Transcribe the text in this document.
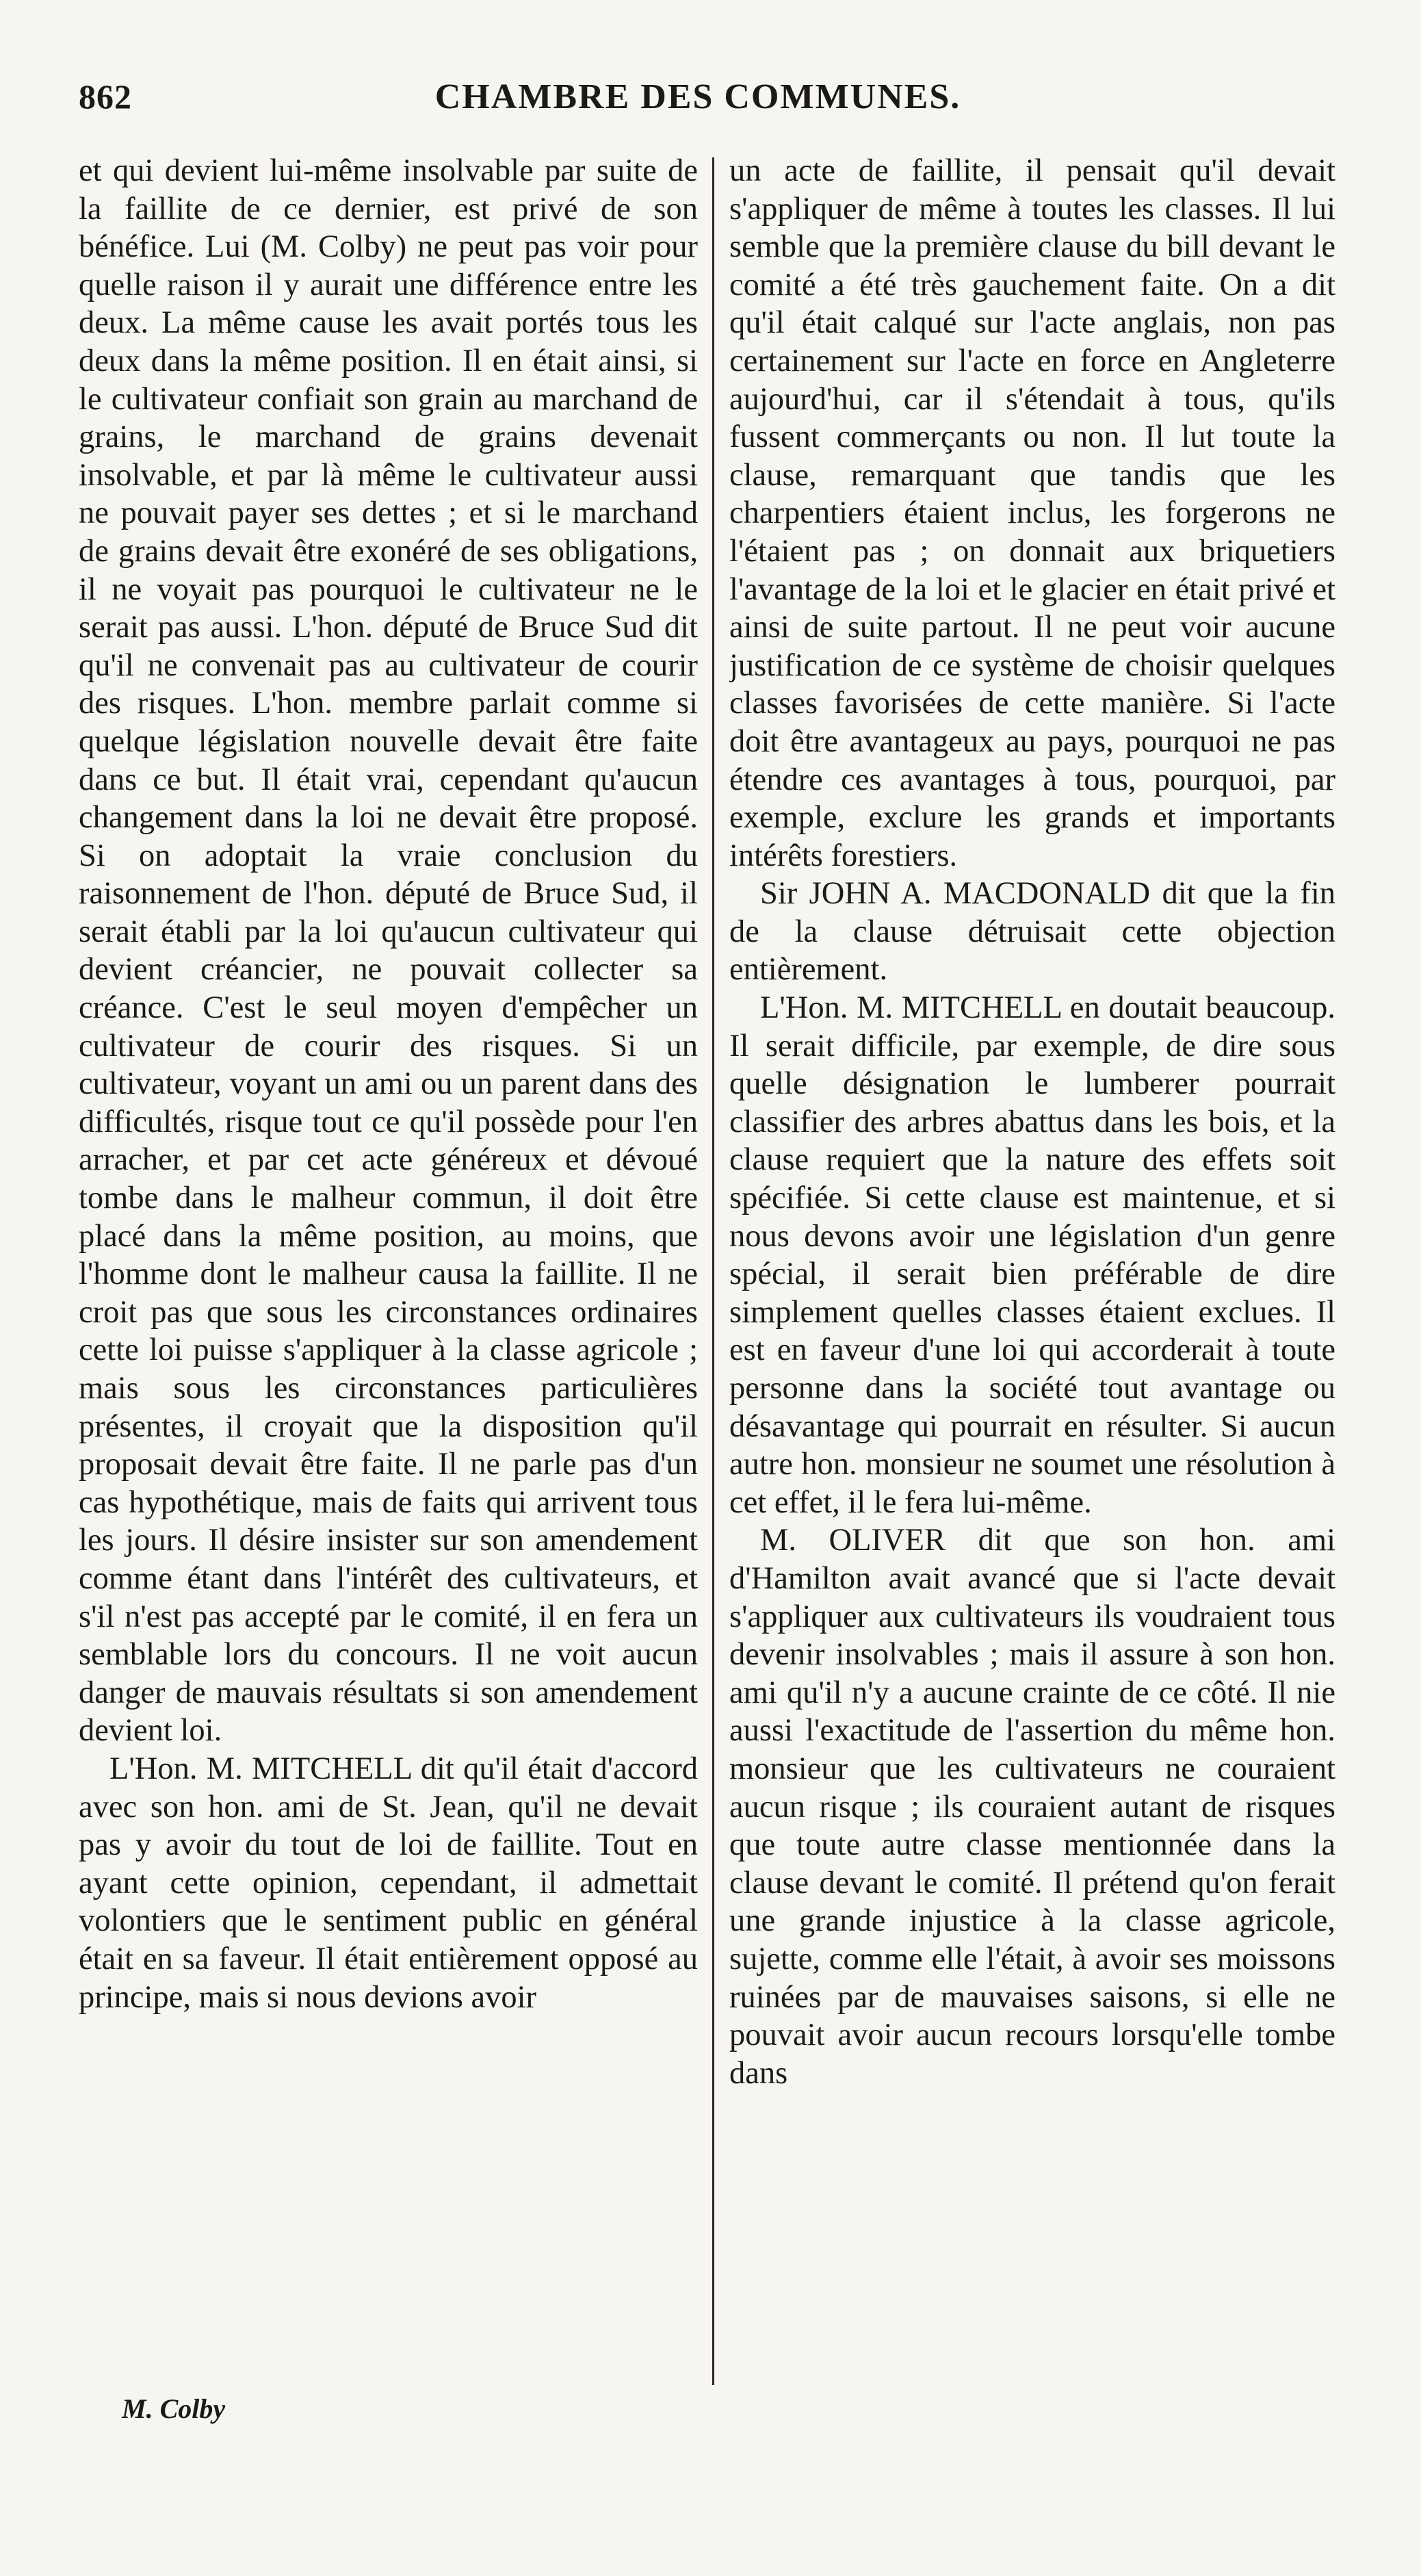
862	CHAMBRE DES COMMUNES.

et qui devient lui-même insolvable par suite de la faillite de ce dernier, est privé de son bénéfice. Lui (M. Colby) ne peut pas voir pour quelle raison il y aurait une différence entre les deux. La même cause les avait portés tous les deux dans la même position. Il en était ainsi, si le cultivateur confiait son grain au marchand de grains, le marchand de grains devenait insolvable, et par là même le cultivateur aussi ne pouvait payer ses dettes ; et si le marchand de grains devait être exonéré de ses obligations, il ne voyait pas pourquoi le cultivateur ne le serait pas aussi. L'hon. député de Bruce Sud dit qu'il ne convenait pas au cultivateur de courir des risques. L'hon. membre parlait comme si quelque législation nouvelle devait être faite dans ce but. Il était vrai, cependant qu'aucun changement dans la loi ne devait être proposé. Si on adoptait la vraie conclusion du raisonnement de l'hon. député de Bruce Sud, il serait établi par la loi qu'aucun cultivateur qui devient créancier, ne pouvait collecter sa créance. C'est le seul moyen d'empêcher un cultivateur de courir des risques. Si un cultivateur, voyant un ami ou un parent dans des difficultés, risque tout ce qu'il possède pour l'en arracher, et par cet acte généreux et dévoué tombe dans le malheur commun, il doit être placé dans la même position, au moins, que l'homme dont le malheur causa la faillite. Il ne croit pas que sous les circonstances ordinaires cette loi puisse s'appliquer à la classe agricole ; mais sous les circonstances particulières présentes, il croyait que la disposition qu'il proposait devait être faite. Il ne parle pas d'un cas hypothétique, mais de faits qui arrivent tous les jours. Il désire insister sur son amendement comme étant dans l'intérêt des cultivateurs, et s'il n'est pas accepté par le comité, il en fera un semblable lors du concours. Il ne voit aucun danger de mauvais résultats si son amendement devient loi.

L'Hon. M. MITCHELL dit qu'il était d'accord avec son hon. ami de St. Jean, qu'il ne devait pas y avoir du tout de loi de faillite. Tout en ayant cette opinion, cependant, il admettait volontiers que le sentiment public en général était en sa faveur. Il était entièrement opposé au principe, mais si nous devions avoir

un acte de faillite, il pensait qu'il devait s'appliquer de même à toutes les classes. Il lui semble que la première clause du bill devant le comité a été très gauchement faite. On a dit qu'il était calqué sur l'acte anglais, non pas certainement sur l'acte en force en Angleterre aujourd'hui, car il s'étendait à tous, qu'ils fussent commerçants ou non. Il lut toute la clause, remarquant que tandis que les charpentiers étaient inclus, les forgerons ne l'étaient pas ; on donnait aux briquetiers l'avantage de la loi et le glacier en était privé et ainsi de suite partout. Il ne peut voir aucune justification de ce système de choisir quelques classes favorisées de cette manière. Si l'acte doit être avantageux au pays, pourquoi ne pas étendre ces avantages à tous, pourquoi, par exemple, exclure les grands et importants intérêts forestiers.

Sir JOHN A. MACDONALD dit que la fin de la clause détruisait cette objection entièrement.

L'Hon. M. MITCHELL en doutait beaucoup. Il serait difficile, par exemple, de dire sous quelle désignation le lumberer pourrait classifier des arbres abattus dans les bois, et la clause requiert que la nature des effets soit spécifiée. Si cette clause est maintenue, et si nous devons avoir une législation d'un genre spécial, il serait bien préférable de dire simplement quelles classes étaient exclues. Il est en faveur d'une loi qui accorderait à toute personne dans la société tout avantage ou désavantage qui pourrait en résulter. Si aucun autre hon. monsieur ne soumet une résolution à cet effet, il le fera lui-même.

M. OLIVER dit que son hon. ami d'Hamilton avait avancé que si l'acte devait s'appliquer aux cultivateurs ils voudraient tous devenir insolvables ; mais il assure à son hon. ami qu'il n'y a aucune crainte de ce côté. Il nie aussi l'exactitude de l'assertion du même hon. monsieur que les cultivateurs ne couraient aucun risque ; ils couraient autant de risques que toute autre classe mentionnée dans la clause devant le comité. Il prétend qu'on ferait une grande injustice à la classe agricole, sujette, comme elle l'était, à avoir ses moissons ruinées par de mauvaises saisons, si elle ne pouvait avoir aucun recours lorsqu'elle tombe dans

M. Colby
